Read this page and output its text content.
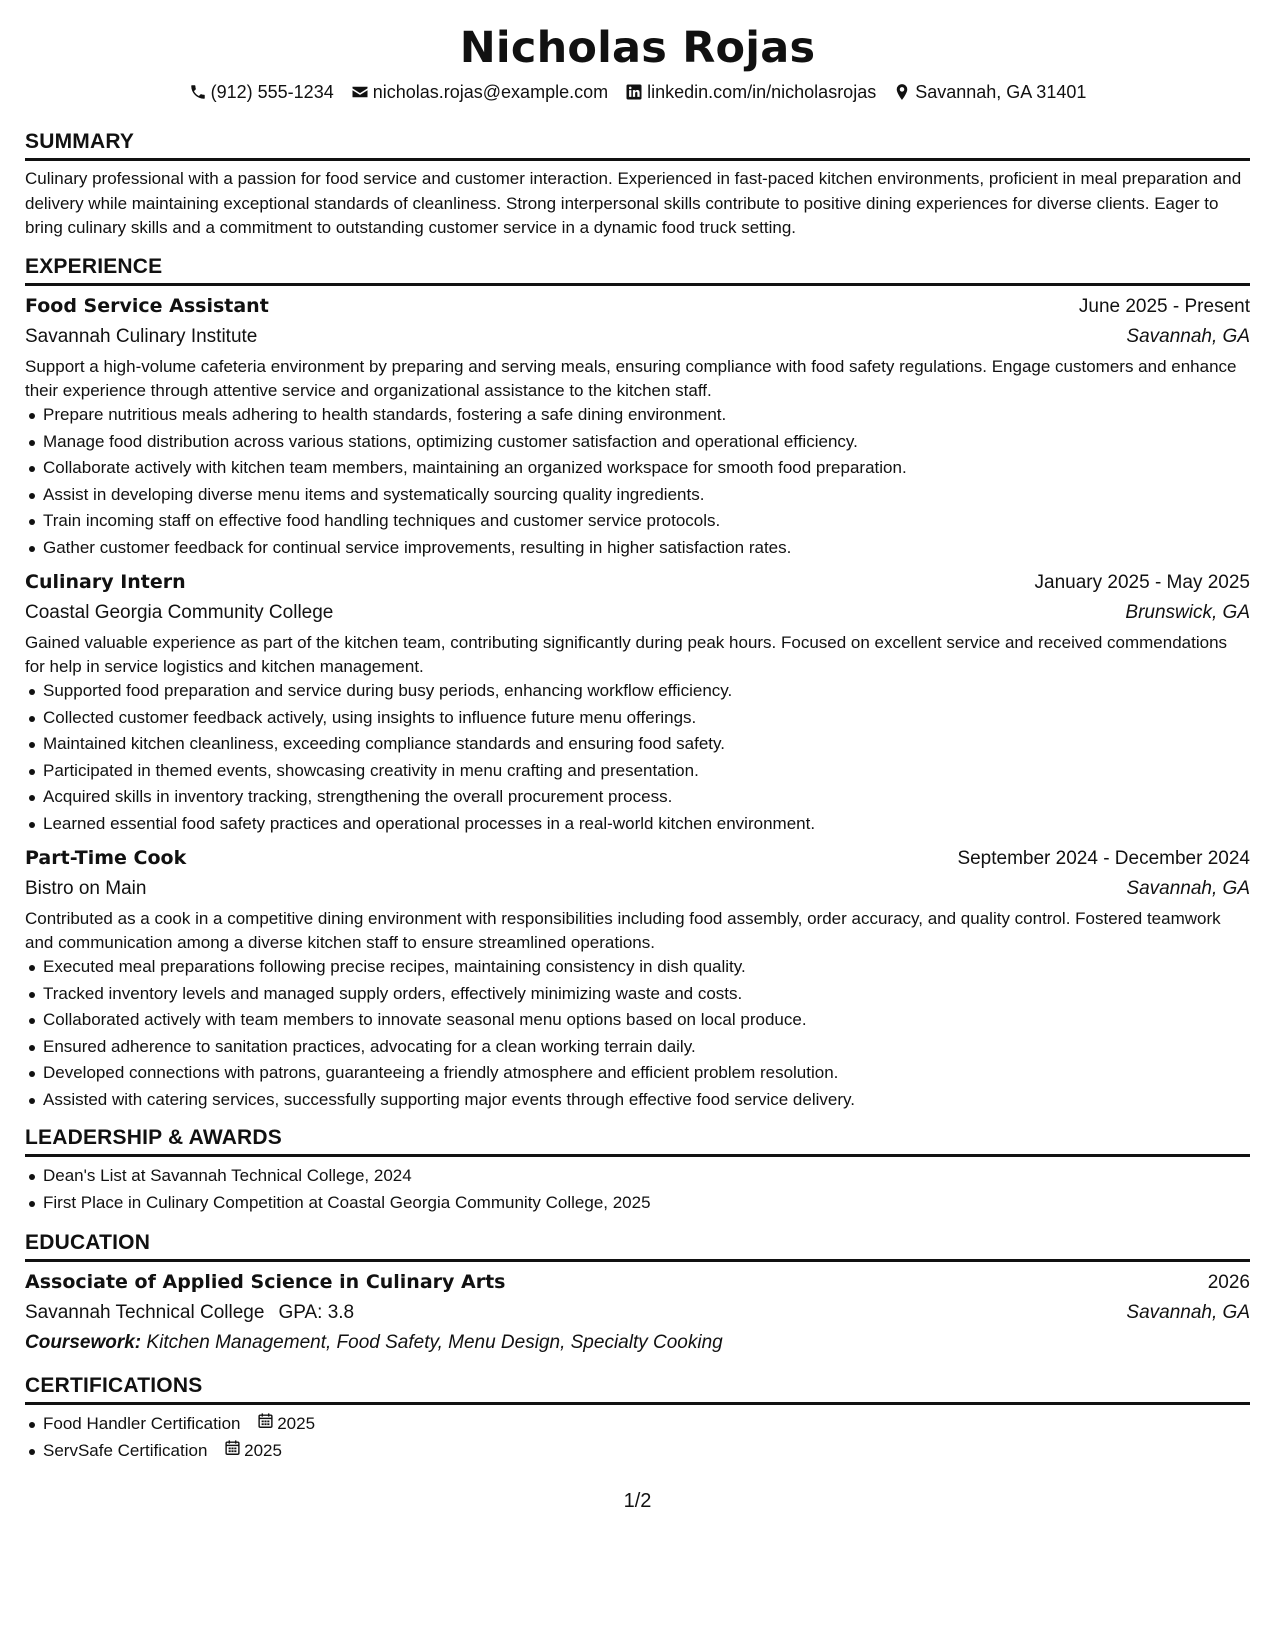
Nicholas Rojas
(912) 555-1234 nicholas.rojas@example.com linkedin.com/in/nicholasrojas Savannah, GA 31401
SUMMARY
Culinary professional with a passion for food service and customer interaction. Experienced in fast-paced kitchen environments, proficient in meal preparation and delivery while maintaining exceptional standards of cleanliness. Strong interpersonal skills contribute to positive dining experiences for diverse clients. Eager to bring culinary skills and a commitment to outstanding customer service in a dynamic food truck setting.
EXPERIENCE
Food Service Assistant	June 2025 - Present
Savannah Culinary Institute	Savannah, GA
Support a high-volume cafeteria environment by preparing and serving meals, ensuring compliance with food safety regulations. Engage customers and enhance their experience through attentive service and organizational assistance to the kitchen staff.
Prepare nutritious meals adhering to health standards, fostering a safe dining environment.
Manage food distribution across various stations, optimizing customer satisfaction and operational efficiency.
Collaborate actively with kitchen team members, maintaining an organized workspace for smooth food preparation.
Assist in developing diverse menu items and systematically sourcing quality ingredients.
Train incoming staff on effective food handling techniques and customer service protocols.
Gather customer feedback for continual service improvements, resulting in higher satisfaction rates.
Culinary Intern	January 2025 - May 2025
Coastal Georgia Community College	Brunswick, GA
Gained valuable experience as part of the kitchen team, contributing significantly during peak hours. Focused on excellent service and received commendations for help in service logistics and kitchen management.
Supported food preparation and service during busy periods, enhancing workflow efficiency.
Collected customer feedback actively, using insights to influence future menu offerings.
Maintained kitchen cleanliness, exceeding compliance standards and ensuring food safety.
Participated in themed events, showcasing creativity in menu crafting and presentation.
Acquired skills in inventory tracking, strengthening the overall procurement process.
Learned essential food safety practices and operational processes in a real-world kitchen environment.
Part-Time Cook	September 2024 - December 2024
Bistro on Main	Savannah, GA
Contributed as a cook in a competitive dining environment with responsibilities including food assembly, order accuracy, and quality control. Fostered teamwork and communication among a diverse kitchen staff to ensure streamlined operations.
Executed meal preparations following precise recipes, maintaining consistency in dish quality.
Tracked inventory levels and managed supply orders, effectively minimizing waste and costs.
Collaborated actively with team members to innovate seasonal menu options based on local produce.
Ensured adherence to sanitation practices, advocating for a clean working terrain daily.
Developed connections with patrons, guaranteeing a friendly atmosphere and efficient problem resolution.
Assisted with catering services, successfully supporting major events through effective food service delivery.
LEADERSHIP & AWARDS
Dean's List at Savannah Technical College, 2024
First Place in Culinary Competition at Coastal Georgia Community College, 2025
EDUCATION
Associate of Applied Science in Culinary Arts	2026
Savannah Technical College GPA: 3.8	Savannah, GA
Coursework: Kitchen Management, Food Safety, Menu Design, Specialty Cooking
CERTIFICATIONS
Food Handler Certification 2025
ServSafe Certification 2025
1/2
